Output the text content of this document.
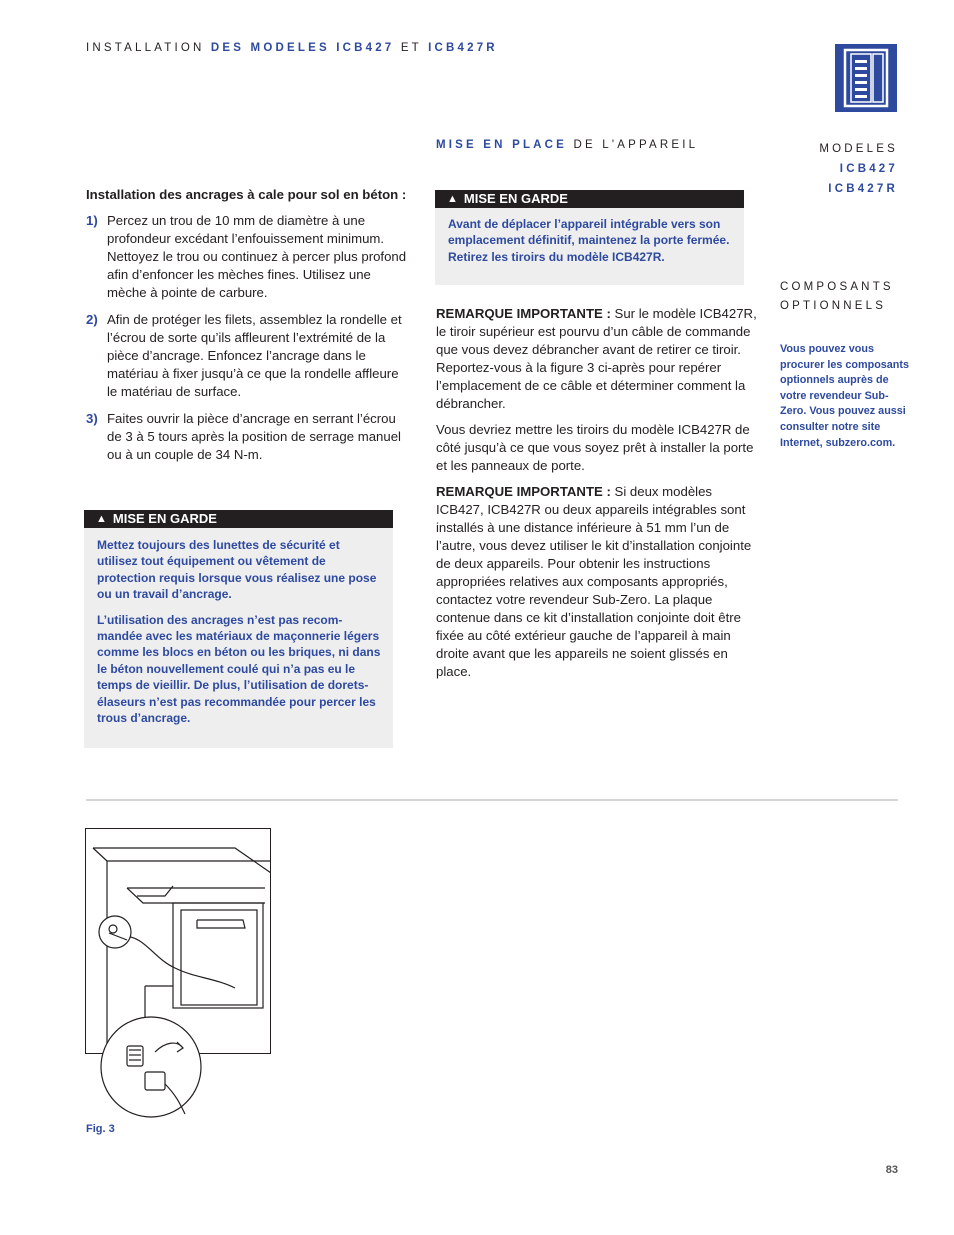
INSTALLATION DES MODELES ICB427 ET ICB427R
MISE EN PLACE DE L'APPAREIL	MODELES
ICB427
ICB427R
COMPOSANTS
OPTIONNELS
Vous pouvez vous procurer les composants optionnels auprès de votre revendeur Sub-Zero. Vous pouvez aussi consulter notre site Internet, subzero.com.
Installation des ancrages à cale pour sol en béton :
1) Percez un trou de 10 mm de diamètre à une profondeur excédant l’enfouissement minimum. Nettoyez le trou ou continuez à percer plus profond afin d’enfoncer les mèches fines. Utilisez une mèche à pointe de carbure.
2) Afin de protéger les filets, assemblez la rondelle et l’écrou de sorte qu’ils affleurent l’extrémité de la pièce d’ancrage. Enfoncez l’ancrage dans le matériau à fixer jusqu’à ce que la rondelle affleure le matériau de surface.
3) Faites ouvrir la pièce d’ancrage en serrant l’écrou de 3 à 5 tours après la position de serrage manuel ou à un couple de 34 N-m.
▲ MISE EN GARDE

Mettez toujours des lunettes de sécurité et utilisez tout équipement ou vêtement de protection requis lorsque vous réalisez une pose ou un travail d’ancrage.

L’utilisation des ancrages n’est pas recommandée avec les matériaux de maçonnerie légers comme les blocs en béton ou les briques, ni dans le béton nouvellement coulé qui n’a pas eu le temps de vieillir. De plus, l’utilisation de dorets-élaseurs n’est pas recommandée pour percer les trous d’ancrage.

▲ MISE EN GARDE

Avant de déplacer l’appareil intégrable vers son emplacement définitif, maintenez la porte fermée. Retirez les tiroirs du modèle ICB427R.

REMARQUE IMPORTANTE : Sur le modèle ICB427R, le tiroir supérieur est pourvu d’un câble de commande que vous devez débrancher avant de retirer ce tiroir. Reportez-vous à la figure 3 ci-après pour repérer l’emplacement de ce câble et déterminer comment la débrancher.

Vous devriez mettre les tiroirs du modèle ICB427R de côté jusqu’à ce que vous soyez prêt à installer la porte et les panneaux de porte.

REMARQUE IMPORTANTE : Si deux modèles ICB427, ICB427R ou deux appareils intégrables sont installés à une distance inférieure à 51 mm l’un de l’autre, vous devez utiliser le kit d’installation conjointe de deux appareils. Pour obtenir les instructions appropriées relatives aux composants appropriés, contactez votre revendeur Sub-Zero. La plaque contenue dans ce kit d’installation conjointe doit être fixée au côté extérieur gauche de l’appareil à main droite avant que les appareils ne soient glissés en place.

Fig. 3
83
